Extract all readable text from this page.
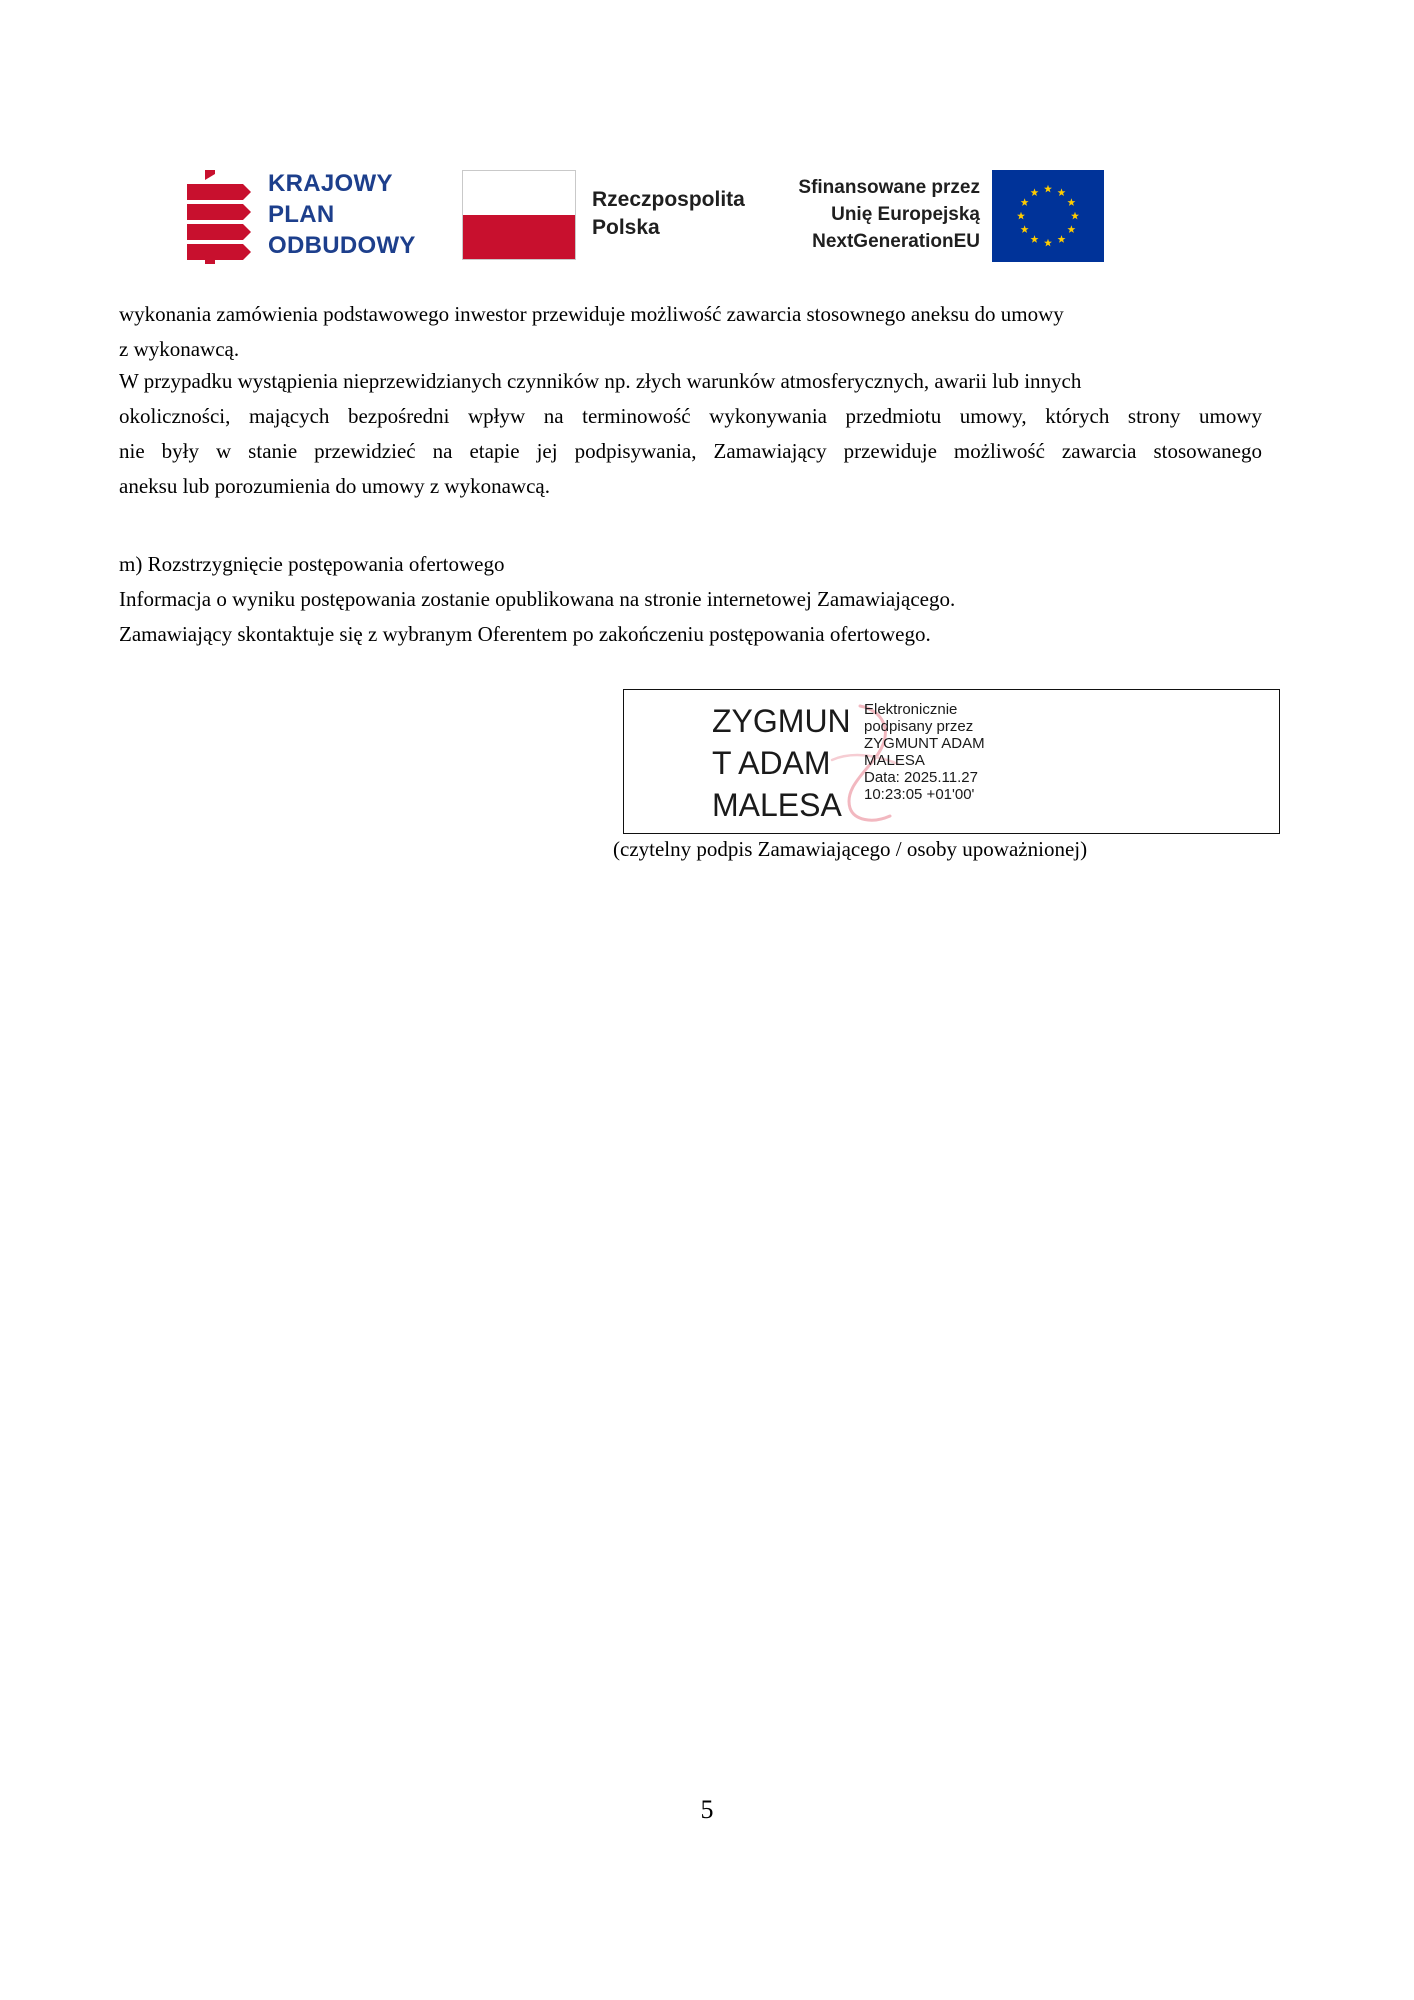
KRAJOWY
PLAN
ODBUDOWY
Rzeczpospolita
Polska
Sfinansowane przez
Unię Europejską
NextGenerationEU
wykonania zamówienia podstawowego inwestor przewiduje możliwość zawarcia stosownego aneksu do umowy
z wykonawcą.
W przypadku wystąpienia nieprzewidzianych czynników np. złych warunków atmosferycznych, awarii lub innych
okoliczności, mających bezpośredni wpływ na terminowość wykonywania przedmiotu umowy, których strony umowy
nie były w stanie przewidzieć na etapie jej podpisywania, Zamawiający przewiduje możliwość zawarcia stosowanego
aneksu lub porozumienia do umowy z wykonawcą.
m) Rozstrzygnięcie postępowania ofertowego
Informacja o wyniku postępowania zostanie opublikowana na stronie internetowej Zamawiającego.
Zamawiający skontaktuje się z wybranym Oferentem po zakończeniu postępowania ofertowego.
ZYGMUN
T ADAM
MALESA
Elektronicznie
podpisany przez
ZYGMUNT ADAM
MALESA
Data: 2025.11.27
10:23:05 +01'00'
(czytelny podpis Zamawiającego / osoby upoważnionej)
5
